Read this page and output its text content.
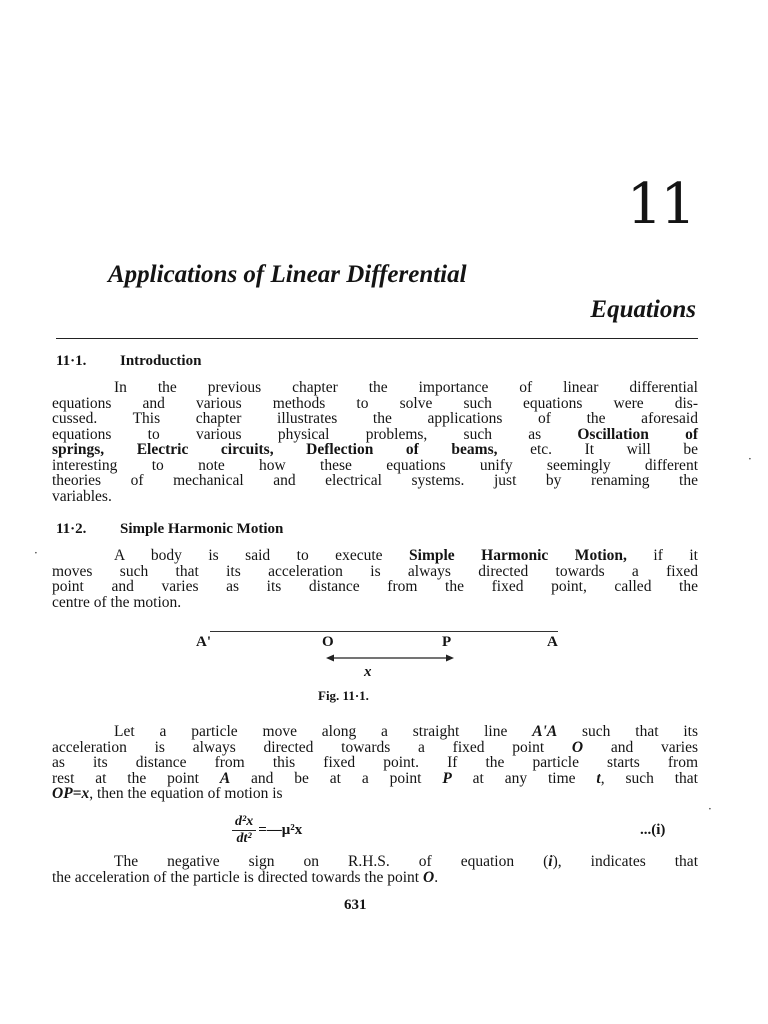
11
Applications of Linear Differential
Equations
11·1. Introduction
In the previous chapter the importance of linear differential
equations and various methods to solve such equations were dis-
cussed. This chapter illustrates the applications of the aforesaid
equations to various physical problems, such as Oscillation of
springs, Electric circuits, Deflection of beams, etc. It will be
interesting to note how these equations unify seemingly different
theories of mechanical and electrical systems. just by renaming the
variables.
11·2. Simple Harmonic Motion
A body is said to execute Simple Harmonic Motion, if it
moves such that its acceleration is always directed towards a fixed
point and varies as its distance from the fixed point, called the
centre of the motion.
A'	O	P	A
x
Fig. 11·1.
Let a particle move along a straight line A'A such that its
acceleration is always directed towards a fixed point O and varies
as its distance from this fixed point. If the particle starts from
rest at the point A and be at a point P at any time t, such that
OP=x, then the equation of motion is
$\frac{\text{d²x}}{\text{dt²}}$ =—μ²x	...(i)
The negative sign on R.H.S. of equation (i), indicates that
the acceleration of the particle is directed towards the point O.
631
·
·
·
